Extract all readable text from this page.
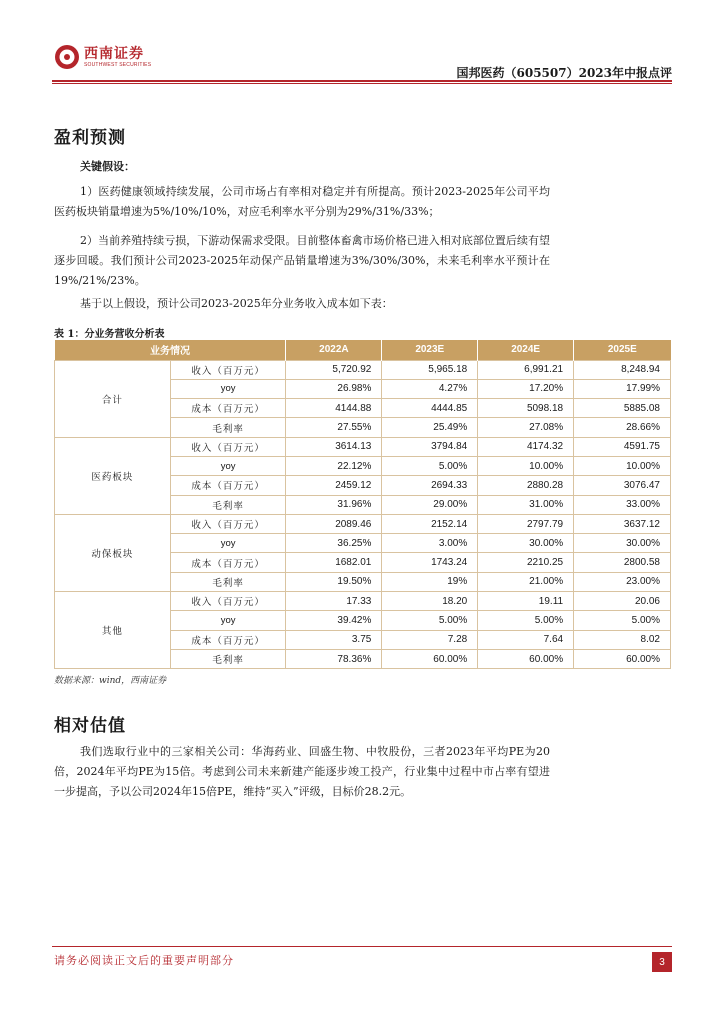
西南证券
SOUTHWEST SECURITIES
国邦医药（605507）2023年中报点评
盈利预测
关键假设：

1）医药健康领域持续发展，公司市场占有率相对稳定并有所提高。预计2023-2025年公司平均医药板块销量增速为5%/10%/10%，对应毛利率水平分别为29%/31%/33%；

2）当前养殖持续亏损，下游动保需求受限。目前整体畜禽市场价格已进入相对底部位置后续有望逐步回暖。我们预计公司2023-2025年动保产品销量增速为3%/30%/30%，未来毛利率水平预计在19%/21%/23%。

基于以上假设，预计公司2023-2025年分业务收入成本如下表：

表 1：分业务营收分析表
业务情况		2022A	2023E	2024E	2025E
合计	收入（百万元）	5,720.92	5,965.18	6,991.21	8,248.94
	yoy	26.98%	4.27%	17.20%	17.99%
	成本（百万元）	4144.88	4444.85	5098.18	5885.08
	毛利率	27.55%	25.49%	27.08%	28.66%
医药板块	收入（百万元）	3614.13	3794.84	4174.32	4591.75
	yoy	22.12%	5.00%	10.00%	10.00%
	成本（百万元）	2459.12	2694.33	2880.28	3076.47
	毛利率	31.96%	29.00%	31.00%	33.00%
动保板块	收入（百万元）	2089.46	2152.14	2797.79	3637.12
	yoy	36.25%	3.00%	30.00%	30.00%
	成本（百万元）	1682.01	1743.24	2210.25	2800.58
	毛利率	19.50%	19%	21.00%	23.00%
其他	收入（百万元）	17.33	18.20	19.11	20.06
	yoy	39.42%	5.00%	5.00%	5.00%
	成本（百万元）	3.75	7.28	7.64	8.02
	毛利率	78.36%	60.00%	60.00%	60.00%
数据来源：wind，西南证券
相对估值

我们选取行业中的三家相关公司：华海药业、回盛生物、中牧股份，三者2023年平均PE为20倍，2024年平均PE为15倍。考虑到公司未来新建产能逐步竣工投产，行业集中过程中市占率有望进一步提高，予以公司2024年15倍PE，维持“买入”评级，目标价28.2元。

请务必阅读正文后的重要声明部分	3
